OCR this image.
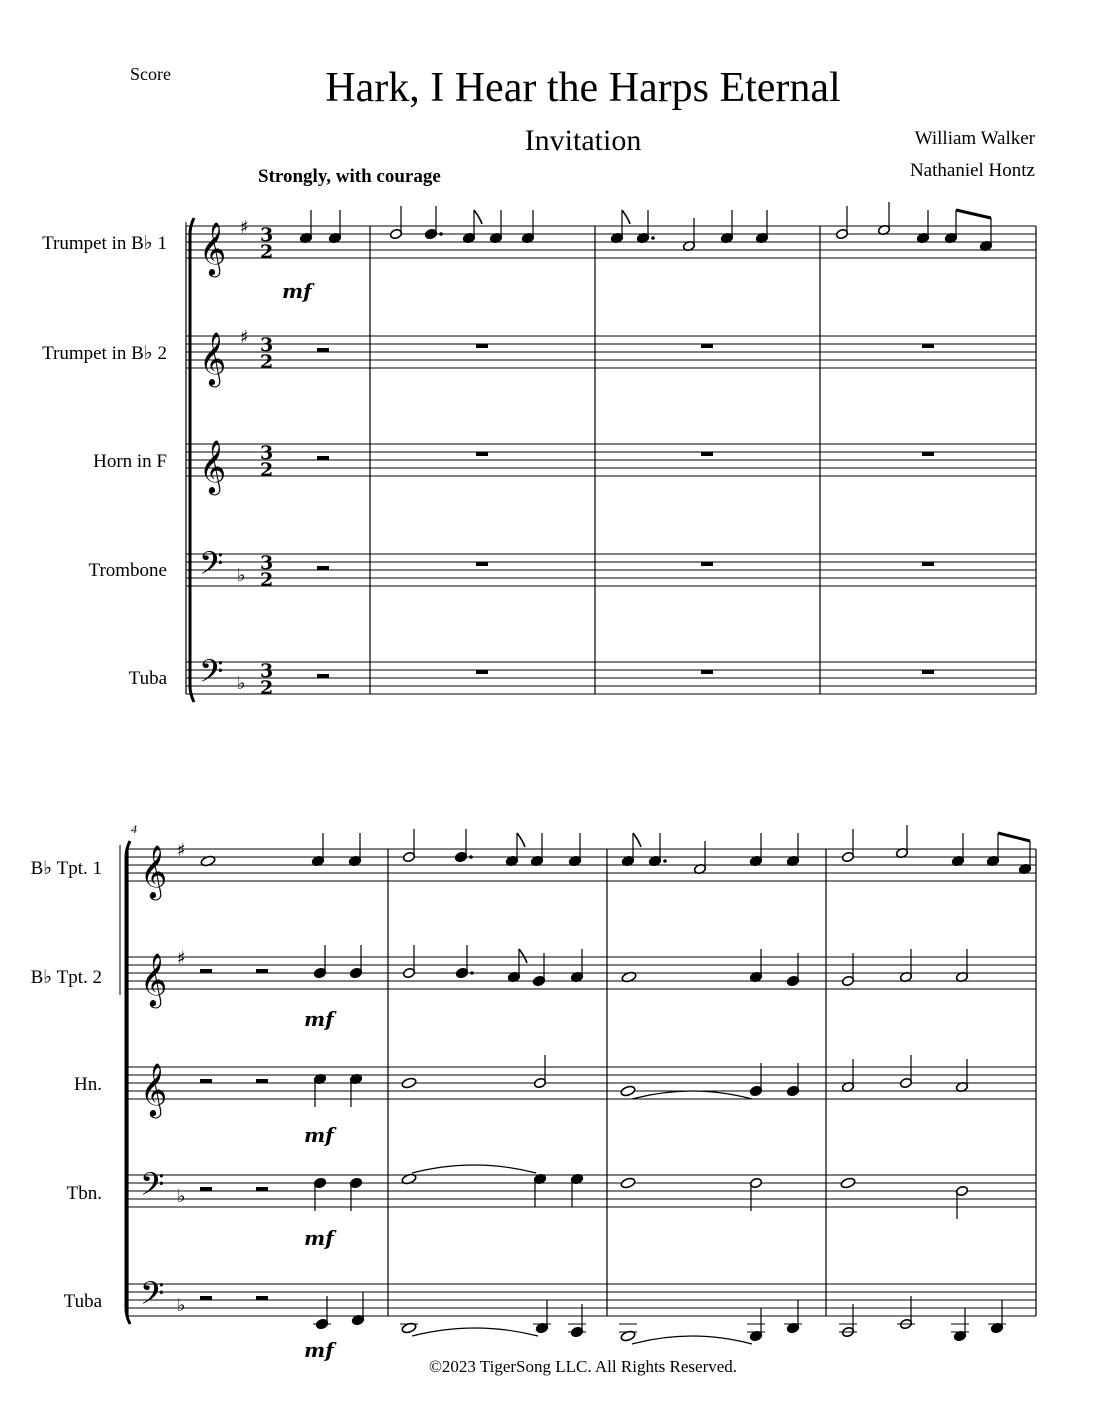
Score	Hark, I Hear the Harps Eternal
Invitation	William Walker
Nathaniel Hontz
Strongly, with courage
Trumpet in B♭ 1
Trumpet in B♭ 2
Horn in F
Trombone
Tuba
B♭ Tpt. 1
B♭ Tpt. 2
Hn.
Tbn.
Tuba
4
©2023 TigerSong LLC. All Rights Reserved.
𝄞 ♯ 3
2
𝄞 ♯ 3
2
𝄞 3
2
𝄢 ♭
3
2
𝄢 ♭
3
2
mf
𝄞 ♯
𝄞 ♯
𝄞
𝄢 ♭
𝄢 ♭
mf
mf
mf
mf
